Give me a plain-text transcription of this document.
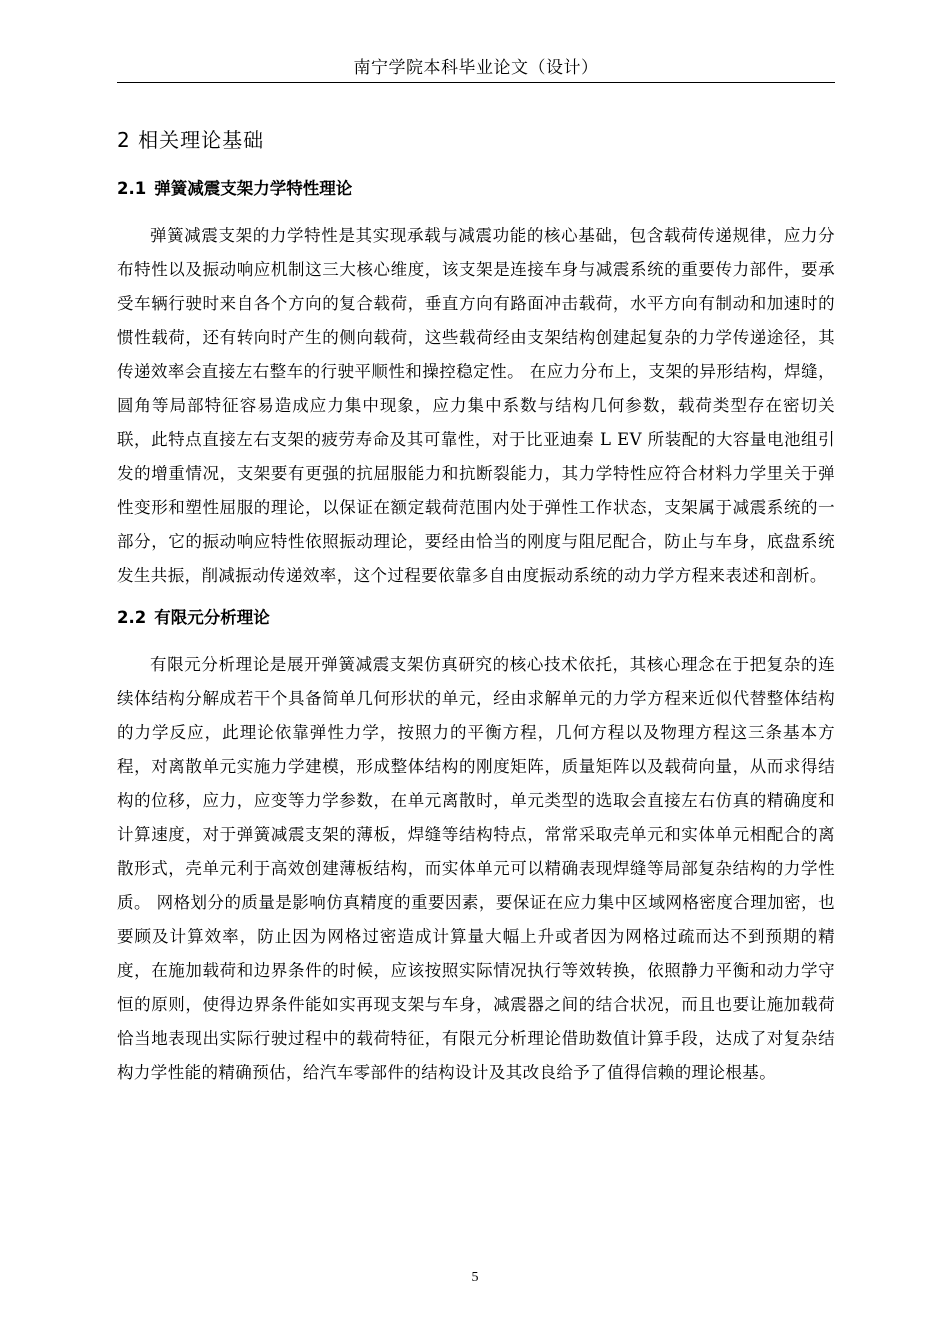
南宁学院本科毕业论文（设计）
2 相关理论基础
2.1 弹簧减震支架力学特性理论

弹簧减震支架的力学特性是其实现承载与减震功能的核心基础，包含载荷传递规律，应力分布特性以及振动响应机制这三大核心维度，该支架是连接车身与减震系统的重要传力部件，要承受车辆行驶时来自各个方向的复合载荷，垂直方向有路面冲击载荷，水平方向有制动和加速时的惯性载荷，还有转向时产生的侧向载荷，这些载荷经由支架结构创建起复杂的力学传递途径，其传递效率会直接左右整车的行驶平顺性和操控稳定性。 在应力分布上，支架的异形结构，焊缝，圆角等局部特征容易造成应力集中现象，应力集中系数与结构几何参数，载荷类型存在密切关联，此特点直接左右支架的疲劳寿命及其可靠性，对于比亚迪秦 L EV 所装配的大容量电池组引发的增重情况，支架要有更强的抗屈服能力和抗断裂能力，其力学特性应符合材料力学里关于弹性变形和塑性屈服的理论，以保证在额定载荷范围内处于弹性工作状态，支架属于减震系统的一部分，它的振动响应特性依照振动理论，要经由恰当的刚度与阻尼配合，防止与车身，底盘系统发生共振，削减振动传递效率，这个过程要依靠多自由度振动系统的动力学方程来表述和剖析。

2.2 有限元分析理论

有限元分析理论是展开弹簧减震支架仿真研究的核心技术依托，其核心理念在于把复杂的连续体结构分解成若干个具备简单几何形状的单元，经由求解单元的力学方程来近似代替整体结构的力学反应，此理论依靠弹性力学，按照力的平衡方程，几何方程以及物理方程这三条基本方程，对离散单元实施力学建模，形成整体结构的刚度矩阵，质量矩阵以及载荷向量，从而求得结构的位移，应力，应变等力学参数，在单元离散时，单元类型的选取会直接左右仿真的精确度和计算速度，对于弹簧减震支架的薄板，焊缝等结构特点，常常采取壳单元和实体单元相配合的离散形式，壳单元利于高效创建薄板结构，而实体单元可以精确表现焊缝等局部复杂结构的力学性质。 网格划分的质量是影响仿真精度的重要因素，要保证在应力集中区域网格密度合理加密，也要顾及计算效率，防止因为网格过密造成计算量大幅上升或者因为网格过疏而达不到预期的精度，在施加载荷和边界条件的时候，应该按照实际情况执行等效转换，依照静力平衡和动力学守恒的原则，使得边界条件能如实再现支架与车身，减震器之间的结合状况，而且也要让施加载荷恰当地表现出实际行驶过程中的载荷特征，有限元分析理论借助数值计算手段，达成了对复杂结构力学性能的精确预估，给汽车零部件的结构设计及其改良给予了值得信赖的理论根基。

5
